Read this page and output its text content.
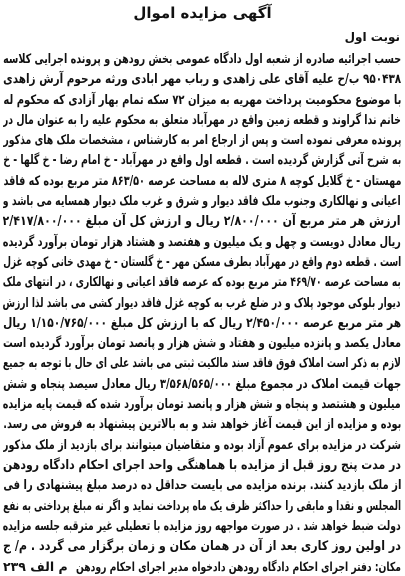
آگهی مزایده اموال
نوبت اول
حسب اجرائیه صادره از شعبه اول دادگاه عمومی بخش رودهن و پرونده اجرایی کلاسه
۹۵۰۴۳۸ ب/ح علیه آقای علی زاهدی و رباب مهر ابادی ورثه مرحوم آرش زاهدی
با موضوع محکومیت پرداخت مهریه به میزان ۷۲ سکه تمام بهار آزادی که محکوم له
خانم ندا گراوند و قطعه زمین واقع در مهرآباد متعلق به محکوم علیه را به عنوان مال در
پرونده معرفی نموده است و پس از ارجاع امر به کارشناس ، مشخصات ملک های مذکور
به شرح آتی گزارش گردیده است . قطعه اول واقع در مهرآباد - خ امام رضا - خ گلها - خ
مهستان - خ گلایل کوچه ۸ متری لاله به مساحت عرصه ۸۶۳/۵۰ متر مربع بوده که فاقد
اعیانی و نهالکاری وجنوب ملک فاقد دیوار و شرق و غرب ملک دیوار همسایه می باشد و
ارزش هر متر مربع آن ۲/۸۰۰/۰۰۰ ریال و ارزش کل آن مبلغ ۲/۴۱۷/۸۰۰/۰۰۰
ریال معادل دویست و چهل و یک میلیون و هفتصد و هشتاد هزار تومان برآورد گردیده
است . قطعه دوم واقع در مهرآباد بطرف مسکن مهر - خ گلستان - خ مهدی خانی کوچه غزل
به مساحت عرصه ۴۶۹/۷۰ متر مربع بوده که عرصه فاقد اعیانی و نهالکاری ، در انتهای ملک
دیوار بلوکی موجود پلاک و در ضلع غرب به کوچه غزل فاقد دیوار کشی می باشد لذا ارزش
هر متر مربع عرصه ۲/۴۵۰/۰۰۰ ریال که با ارزش کل مبلغ ۱/۱۵۰/۷۶۵/۰۰۰ ریال
معادل یکصد و پانزده میلیون و هفتاد و شش هزار و پانصد تومان برآورد گردیده است
لازم به ذکر است املاک فوق فاقد سند مالکیت ثبتی می باشد علی ای حال با توجه به جمیع
جهات قیمت املاک در مجموع مبلغ ۳/۵۶۸/۵۶۵/۰۰۰ ریال معادل سیصد پنجاه و شش
میلیون و هشتصد و پنجاه و شش هزار و پانصد تومان برآورد شده که قیمت پایه مزایده
بوده و مزایده از این قیمت آغاز خواهد شد و به بالاترین پیشنهاد به فروش می رسد.
شرکت در مزایده برای عموم آزاد بوده و متقاضیان میتوانند برای بازدید از ملک مذکور
در مدت پنج روز قبل از مزایده با هماهنگی واحد اجرای احکام دادگاه رودهن
از ملک بازدید کنند. برنده مزایده می بایست حداقل ده درصد مبلغ پیشنهادی را فی
المجلس و نقدا و مابقی را حداکثر ظرف یک ماه پرداخت نماید و اگر نه مبلغ پرداختی به نفع
دولت ضبط خواهد شد . در صورت مواجهه روز مزایده با تعطیلی غیر مترقبه جلسه مزایده
در اولین روز کاری بعد از آن در همان مکان و زمان برگزار می گردد . م/ ج
مکان: دفتر اجرای احکام دادگاه رودهن دادخواه مدیر اجرای احکام رودهن
م الف ۲۳۹
